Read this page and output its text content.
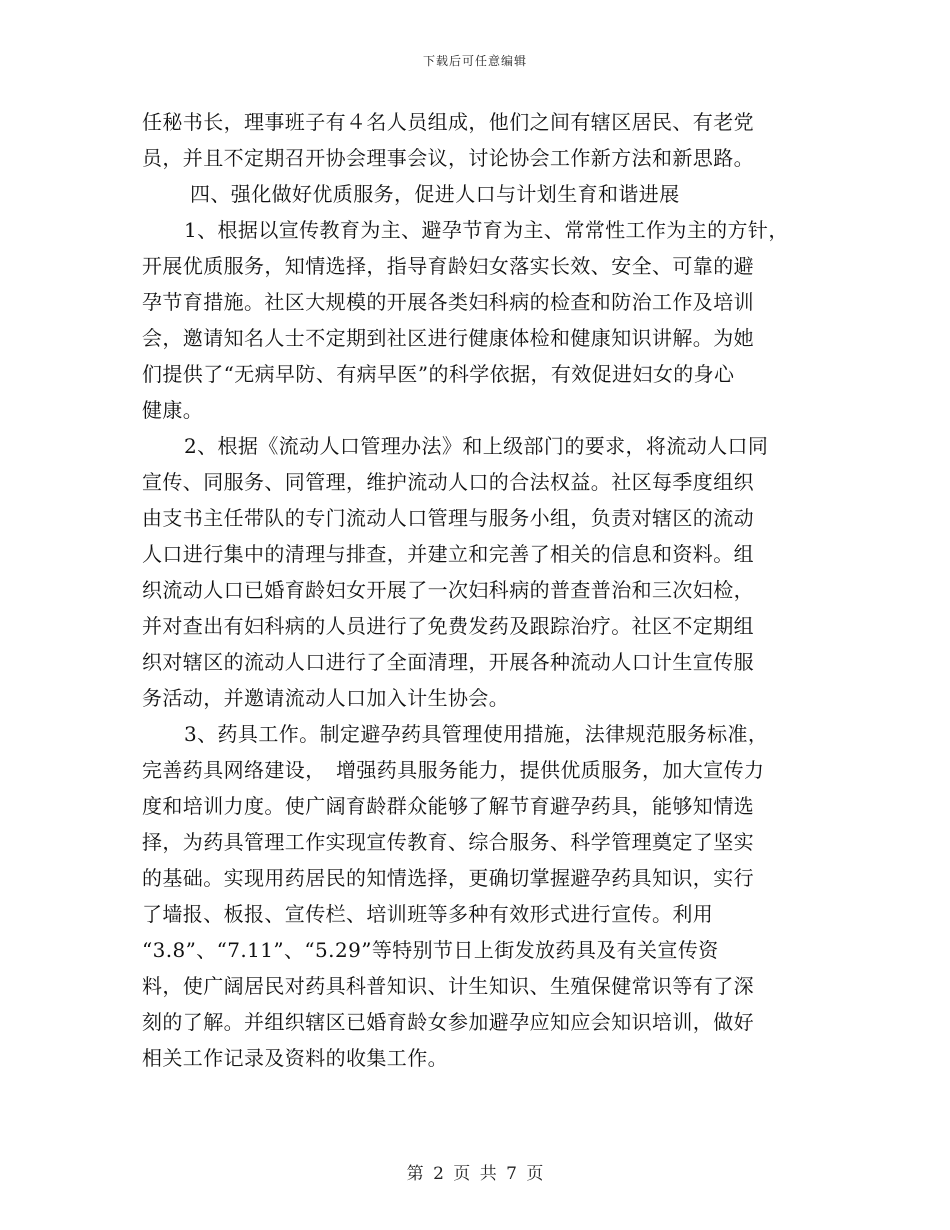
下载后可任意编辑
任秘书长，理事班子有４名人员组成，他们之间有辖区居民、有老党
员，并且不定期召开协会理事会议，讨论协会工作新方法和新思路。
四、强化做好优质服务，促进人口与计划生育和谐进展
1、根据以宣传教育为主、避孕节育为主、常常性工作为主的方针，
开展优质服务，知情选择，指导育龄妇女落实长效、安全、可靠的避
孕节育措施。社区大规模的开展各类妇科病的检查和防治工作及培训
会，邀请知名人士不定期到社区进行健康体检和健康知识讲解。为她
们提供了“无病早防、有病早医”的科学依据，有效促进妇女的身心
健康。
2、根据《流动人口管理办法》和上级部门的要求，将流动人口同
宣传、同服务、同管理，维护流动人口的合法权益。社区每季度组织
由支书主任带队的专门流动人口管理与服务小组，负责对辖区的流动
人口进行集中的清理与排查，并建立和完善了相关的信息和资料。组
织流动人口已婚育龄妇女开展了一次妇科病的普查普治和三次妇检，
并对查出有妇科病的人员进行了免费发药及跟踪治疗。社区不定期组
织对辖区的流动人口进行了全面清理，开展各种流动人口计生宣传服
务活动，并邀请流动人口加入计生协会。
3、药具工作。制定避孕药具管理使用措施，法律规范服务标准，
完善药具网络建设，　增强药具服务能力，提供优质服务，加大宣传力
度和培训力度。使广阔育龄群众能够了解节育避孕药具，能够知情选
择，为药具管理工作实现宣传教育、综合服务、科学管理奠定了坚实
的基础。实现用药居民的知情选择，更确切掌握避孕药具知识，实行
了墙报、板报、宣传栏、培训班等多种有效形式进行宣传。利用
“3.8”、“7.11”、“5.29”等特别节日上街发放药具及有关宣传资
料，使广阔居民对药具科普知识、计生知识、生殖保健常识等有了深
刻的了解。并组织辖区已婚育龄女参加避孕应知应会知识培训，做好
相关工作记录及资料的收集工作。
第 2 页 共 7 页
